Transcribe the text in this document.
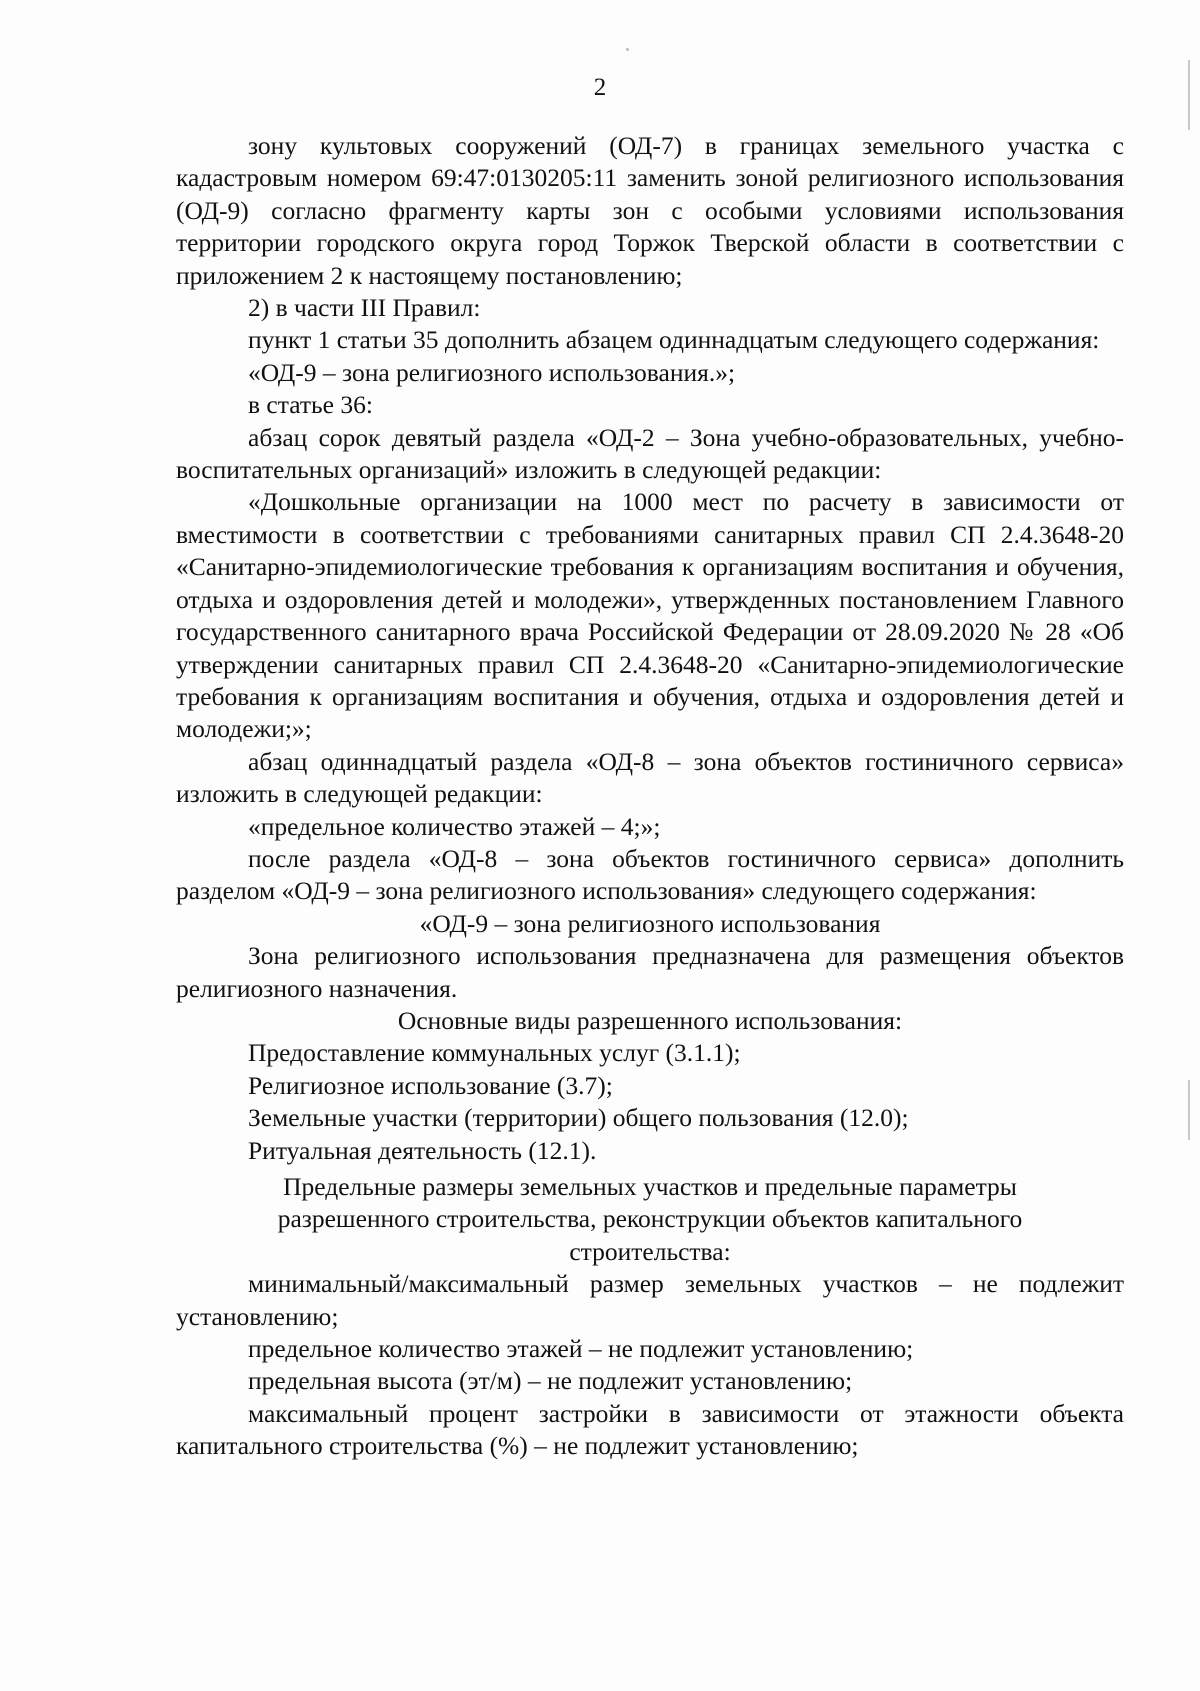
2

зону культовых сооружений (ОД-7) в границах земельного участка с кадастровым номером 69:47:0130205:11 заменить зоной религиозного использования (ОД-9) согласно фрагменту карты зон с особыми условиями использования территории городского округа город Торжок Тверской области в соответствии с приложением 2 к настоящему постановлению;

2) в части III Правил:

пункт 1 статьи 35 дополнить абзацем одиннадцатым следующего содержания:

«ОД-9 – зона религиозного использования.»;

в статье 36:

абзац сорок девятый раздела «ОД-2 – Зона учебно-образовательных, учебно-воспитательных организаций» изложить в следующей редакции:

«Дошкольные организации на 1000 мест по расчету в зависимости от вместимости в соответствии с требованиями санитарных правил СП 2.4.3648-20 «Санитарно-эпидемиологические требования к организациям воспитания и обучения, отдыха и оздоровления детей и молодежи», утвержденных постановлением Главного государственного санитарного врача Российской Федерации от 28.09.2020 № 28 «Об утверждении санитарных правил СП 2.4.3648-20 «Санитарно-эпидемиологические требования к организациям воспитания и обучения, отдыха и оздоровления детей и молодежи;»;

абзац одиннадцатый раздела «ОД-8 – зона объектов гостиничного сервиса» изложить в следующей редакции:

«предельное количество этажей – 4;»;

после раздела «ОД-8 – зона объектов гостиничного сервиса» дополнить разделом «ОД-9 – зона религиозного использования» следующего содержания:

«ОД-9 – зона религиозного использования

Зона религиозного использования предназначена для размещения объектов религиозного назначения.

Основные виды разрешенного использования:

Предоставление коммунальных услуг (3.1.1);

Религиозное использование (3.7);

Земельные участки (территории) общего пользования (12.0);

Ритуальная деятельность (12.1).

Предельные размеры земельных участков и предельные параметры разрешенного строительства, реконструкции объектов капитального строительства:

минимальный/максимальный размер земельных участков – не подлежит установлению;

предельное количество этажей – не подлежит установлению;

предельная высота (эт/м) – не подлежит установлению;

максимальный процент застройки в зависимости от этажности объекта капитального строительства (%) – не подлежит установлению;
